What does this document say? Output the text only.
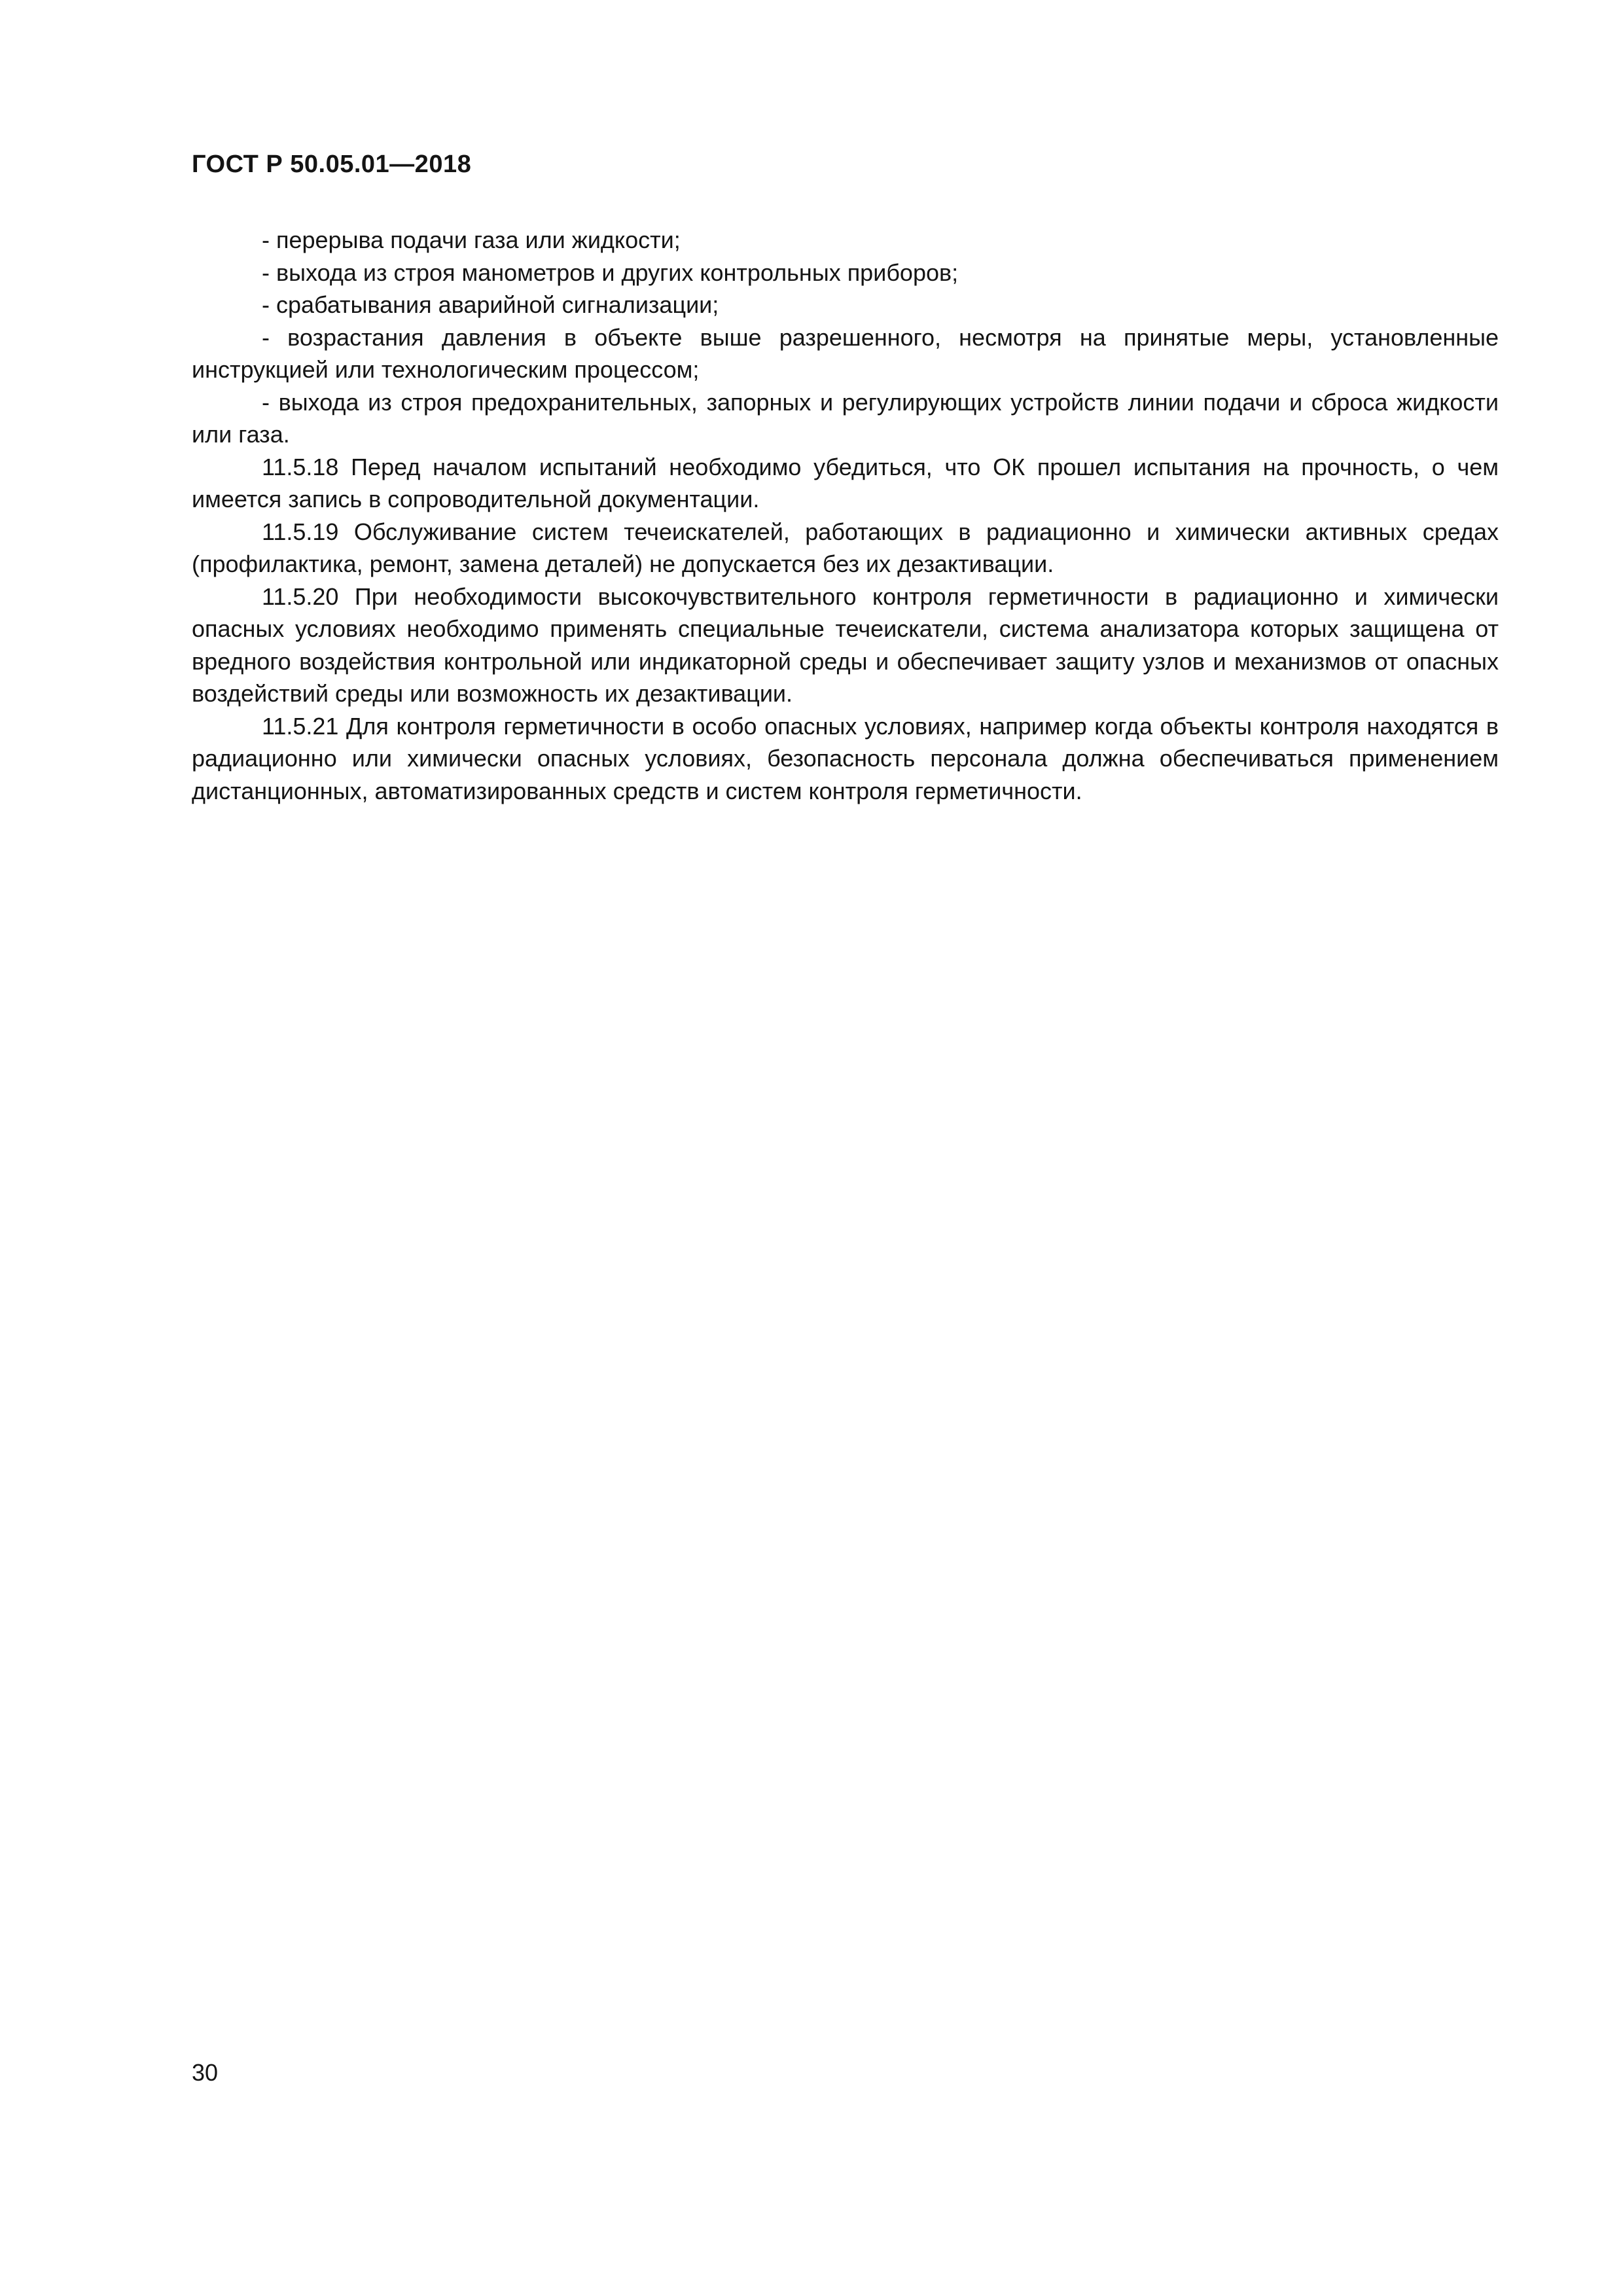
ГОСТ Р 50.05.01—2018

- перерыва подачи газа или жидкости;

- выхода из строя манометров и других контрольных приборов;

- срабатывания аварийной сигнализации;

- возрастания давления в объекте выше разрешенного, несмотря на принятые меры, установленные инструкцией или технологическим процессом;

- выхода из строя предохранительных, запорных и регулирующих устройств линии подачи и сброса жидкости или газа.

11.5.18 Перед началом испытаний необходимо убедиться, что ОК прошел испытания на прочность, о чем имеется запись в сопроводительной документации.

11.5.19 Обслуживание систем течеискателей, работающих в радиационно и химически активных средах (профилактика, ремонт, замена деталей) не допускается без их дезактивации.

11.5.20 При необходимости высокочувствительного контроля герметичности в радиационно и химически опасных условиях необходимо применять специальные течеискатели, система анализатора которых защищена от вредного воздействия контрольной или индикаторной среды и обеспечивает защиту узлов и механизмов от опасных воздействий среды или возможность их дезактивации.

11.5.21 Для контроля герметичности в особо опасных условиях, например когда объекты контроля находятся в радиационно или химически опасных условиях, безопасность персонала должна обеспечиваться применением дистанционных, автоматизированных средств и систем контроля герметичности.

30
